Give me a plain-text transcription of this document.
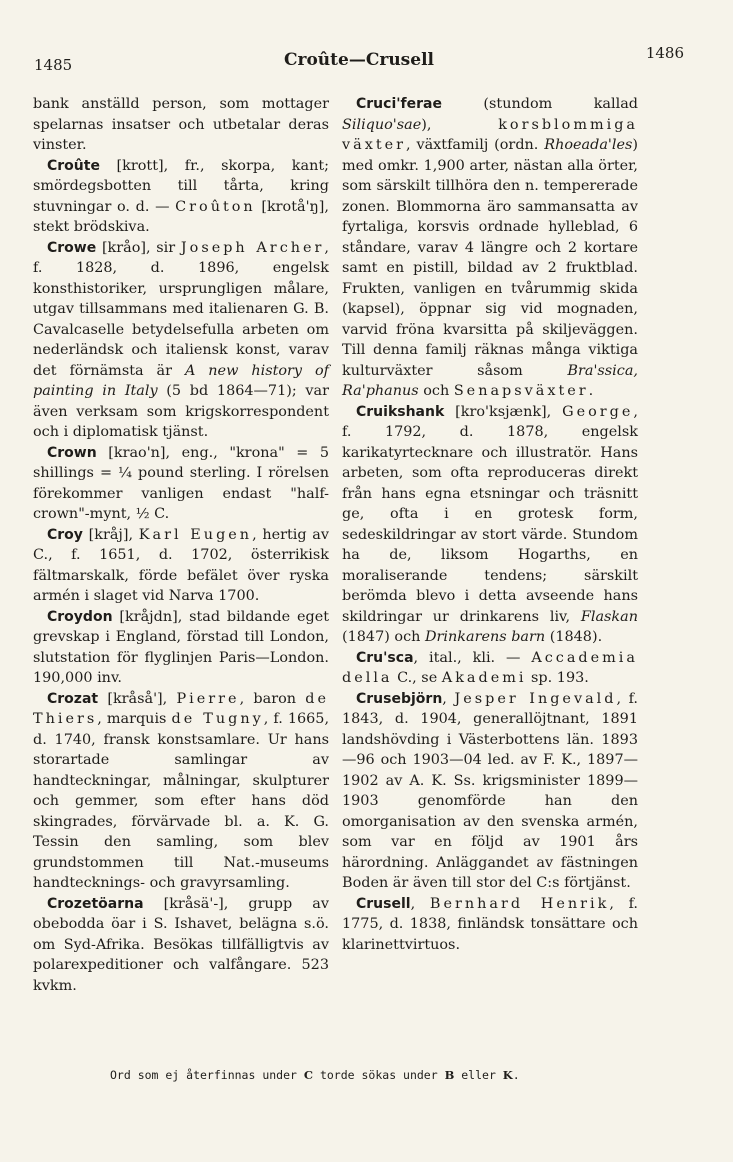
1485	Croûte—Crusell	1486

bank anställd person, som mottager spelarnas insatser och utbetalar deras vinster.

Croûte [krott], fr., skorpa, kant; smördegsbotten till tårta, kring stuvningar o. d. — Croûton [krotå'ŋ], stekt brödskiva.

Crowe [kråo], sir Joseph Archer, f. 1828, d. 1896, engelsk konsthistoriker, ursprungligen målare, utgav tillsammans med italienaren G. B. Cavalcaselle betydelsefulla arbeten om nederländsk och italiensk konst, varav det förnämsta är A new history of painting in Italy (5 bd 1864—71); var även verksam som krigskorrespondent och i diplomatisk tjänst.

Crown [krao'n], eng., "krona" = 5 shillings = ¼ pound sterling. I rörelsen förekommer vanligen endast "half-crown"-mynt, ½ C.

Croy [kråj], Karl Eugen, hertig av C., f. 1651, d. 1702, österrikisk fältmarskalk, förde befälet över ryska armén i slaget vid Narva 1700.

Croydon [kråjdn], stad bildande eget grevskap i England, förstad till London, slutstation för flyglinjen Paris—London. 190,000 inv.

Crozat [kråså'], Pierre, baron de Thiers, marquis de Tugny, f. 1665, d. 1740, fransk konstsamlare. Ur hans storartade samlingar av handteckningar, målningar, skulpturer och gemmer, som efter hans död skingrades, förvärvade bl. a. K. G. Tessin den samling, som blev grundstommen till Nat.-museums handtecknings- och gravyrsamling.

Crozetöarna [kråsä'-], grupp av obebodda öar i S. Ishavet, belägna s.ö. om Syd-Afrika. Besökas tillfälligtvis av polarexpeditioner och valfångare. 523 kvkm.

Cruci'ferae (stundom kallad Siliquo'sae), korsblommiga växter, växtfamilj (ordn. Rhoeada'les) med omkr. 1,900 arter, nästan alla örter, som särskilt tillhöra den n. tempererade zonen. Blommorna äro sammansatta av fyrtaliga, korsvis ordnade hylleblad, 6 ståndare, varav 4 längre och 2 kortare samt en pistill, bildad av 2 fruktblad. Frukten, vanligen en tvårummig skida (kapsel), öppnar sig vid mognaden, varvid fröna kvarsitta på skiljeväggen. Till denna familj räknas många viktiga kulturväxter såsom Bra'ssica, Ra'phanus och Senapsväxter.

Cruikshank [kro'ksjænk], George, f. 1792, d. 1878, engelsk karikatyrtecknare och illustratör. Hans arbeten, som ofta reproduceras direkt från hans egna etsningar och träsnitt ge, ofta i en grotesk form, sedeskildringar av stort värde. Stundom ha de, liksom Hogarths, en moraliserande tendens; särskilt berömda blevo i detta avseende hans skildringar ur drinkarens liv, Flaskan (1847) och Drinkarens barn (1848).

Cru'sca, ital., kli. — Accademia della C., se Akademi sp. 193.

Crusebjörn, Jesper Ingevald, f. 1843, d. 1904, generallöjtnant, 1891 landshövding i Västerbottens län. 1893—96 och 1903—04 led. av F. K., 1897—1902 av A. K. Ss. krigsminister 1899—1903 genomförde han den omorganisation av den svenska armén, som var en följd av 1901 års härordning. Anläggandet av fästningen Boden är även till stor del C:s förtjänst.

Crusell, Bernhard Henrik, f. 1775, d. 1838, finländsk tonsättare och klarinettvirtuos.

Ord som ej återfinnas under C torde sökas under B eller K.
